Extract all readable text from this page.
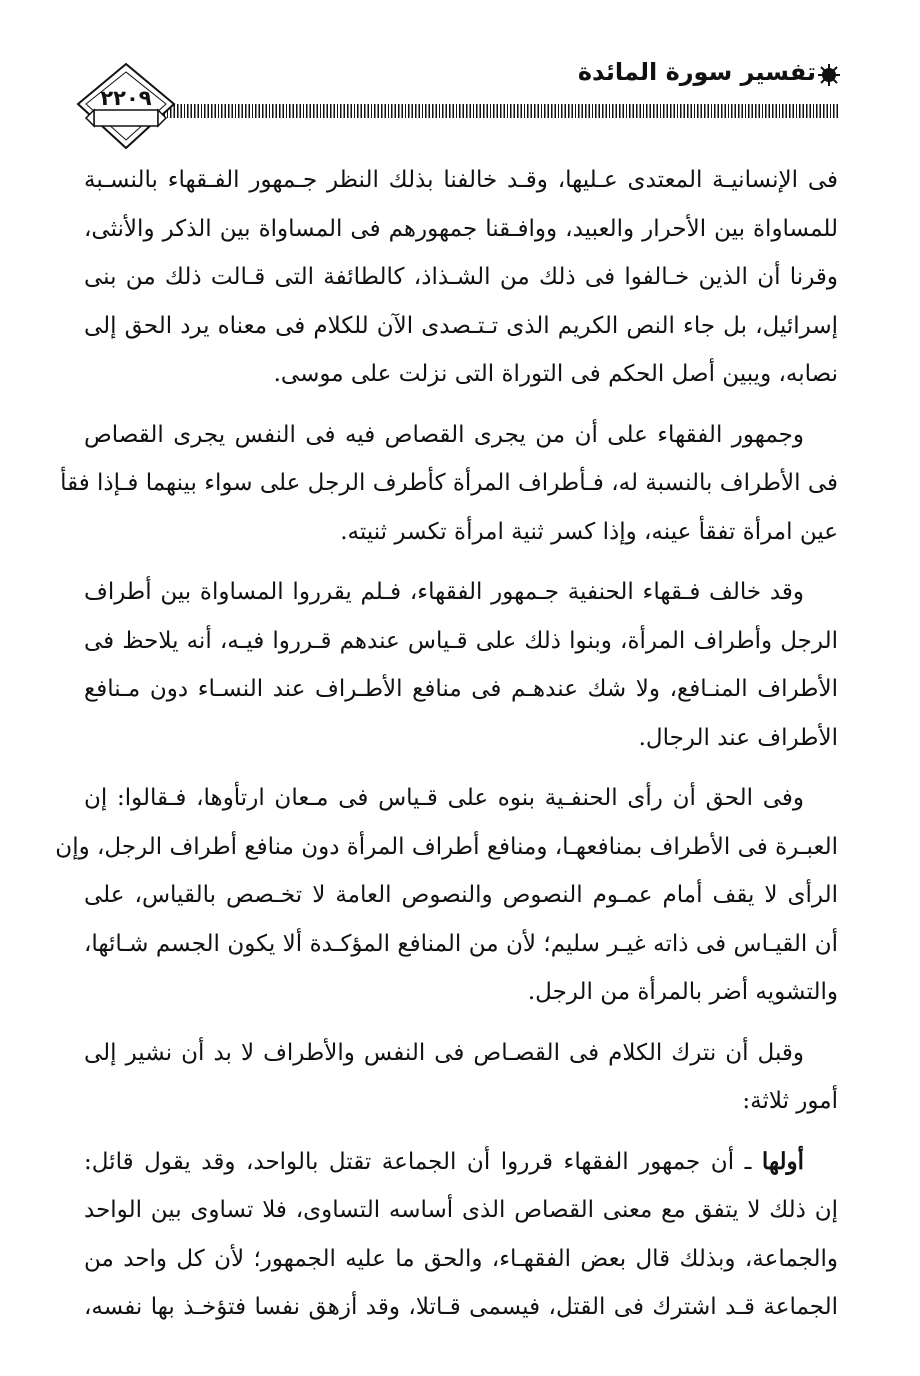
تفسير سورة المائدة
٢٢٠٩

فى الإنسانيـة المعتدى عـليها، وقـد خالفنا بذلك النظر جـمهور الفـقهاء بالنسـبة
للمساواة بين الأحرار والعبيد، ووافـقنا جمهورهم فى المساواة بين الذكر والأنثى،
وقرنا أن الذين خـالفوا فى ذلك من الشـذاذ، كالطائفة التى قـالت ذلك من بنى
إسرائيل، بل جاء النص الكريم الذى تـتـصدى الآن للكلام فى معناه يرد الحق إلى
نصابه، ويبين أصل الحكم فى التوراة التى نزلت على موسى.

وجمهور الفقهاء على أن من يجرى القصاص فيه فى النفس يجرى القصاص
فى الأطراف بالنسبة له، فـأطراف المرأة كأطرف الرجل على سواء بينهما فـإذا فقأ
عين امرأة تفقأ عينه، وإذا كسر ثنية امرأة تكسر ثنيته.

وقد خالف فـقهاء الحنفية جـمهور الفقهاء، فـلم يقرروا المساواة بين أطراف
الرجل وأطراف المرأة، وبنوا ذلك على قـياس عندهم قـرروا فيـه، أنه يلاحظ فى
الأطراف المنـافع، ولا شك عندهـم فى منافع الأطـراف عند النسـاء دون مـنافع
الأطراف عند الرجال.

وفى الحق أن رأى الحنفـية بنوه على قـياس فى مـعان ارتأوها، فـقالوا: إن
العبـرة فى الأطراف بمنافعهـا، ومنافع أطراف المرأة دون منافع أطراف الرجل، وإن
الرأى لا يقف أمام عمـوم النصوص والنصوص العامة لا تخـصص بالقياس، على
أن القيـاس فى ذاته غيـر سليم؛ لأن من المنافع المؤكـدة ألا يكون الجسم شـائها،
والتشويه أضر بالمرأة من الرجل.

وقبل أن نترك الكلام فى القصـاص فى النفس والأطراف لا بد أن نشير إلى
أمور ثلاثة:

أولها ـ أن جمهور الفقهاء قرروا أن الجماعة تقتل بالواحد، وقد يقول قائل:
إن ذلك لا يتفق مع معنى القصاص الذى أساسه التساوى، فلا تساوى بين الواحد
والجماعة، وبذلك قال بعض الفقهـاء، والحق ما عليه الجمهور؛ لأن كل واحد من
الجماعة قـد اشترك فى القتل، فيسمى قـاتلا، وقد أزهق نفسا فتؤخـذ بها نفسه،
